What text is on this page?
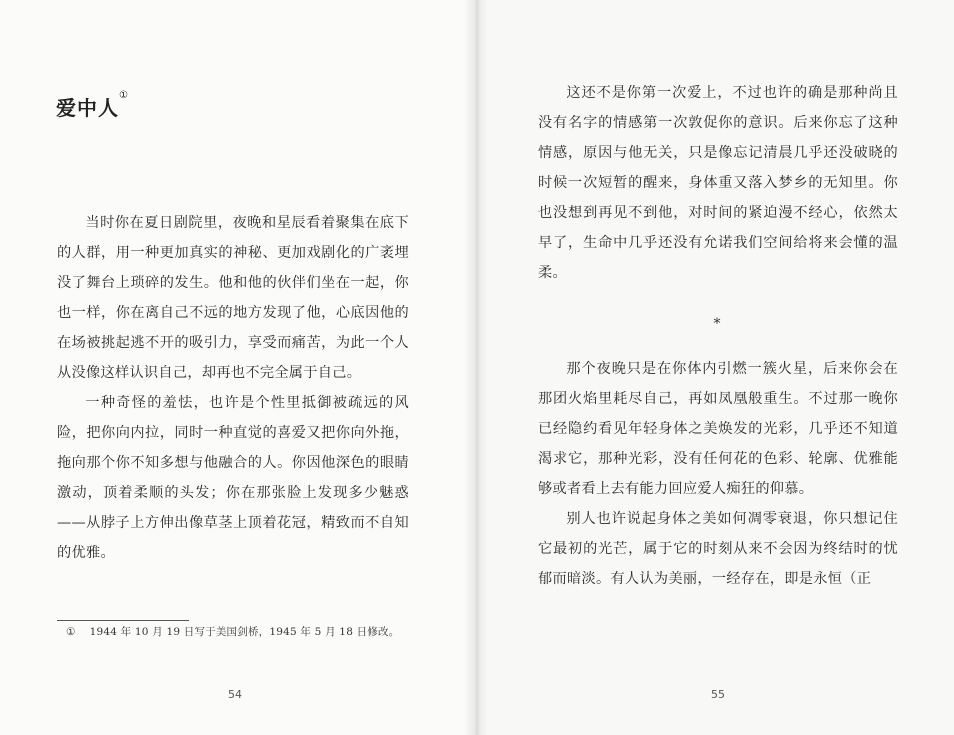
爱中人①

当时你在夏日剧院里，夜晚和星辰看着聚集在底下的人群，用一种更加真实的神秘、更加戏剧化的广袤埋没了舞台上琐碎的发生。他和他的伙伴们坐在一起，你也一样，你在离自己不远的地方发现了他，心底因他的在场被挑起逃不开的吸引力，享受而痛苦，为此一个人从没像这样认识自己，却再也不完全属于自己。

一种奇怪的羞怯，也许是个性里抵御被疏远的风险，把你向内拉，同时一种直觉的喜爱又把你向外拖，拖向那个你不知多想与他融合的人。你因他深色的眼睛激动，顶着柔顺的头发；你在那张脸上发现多少魅惑——从脖子上方伸出像草茎上顶着花冠，精致而不自知的优雅。

① 1944 年 10 月 19 日写于美国剑桥，1945 年 5 月 18 日修改。
54

这还不是你第一次爱上，不过也许的确是那种尚且没有名字的情感第一次敦促你的意识。后来你忘了这种情感，原因与他无关，只是像忘记清晨几乎还没破晓的时候一次短暂的醒来，身体重又落入梦乡的无知里。你也没想到再见不到他，对时间的紧迫漫不经心，依然太早了，生命中几乎还没有允诺我们空间给将来会懂的温柔。

*

那个夜晚只是在你体内引燃一簇火星，后来你会在那团火焰里耗尽自己，再如凤凰般重生。不过那一晚你已经隐约看见年轻身体之美焕发的光彩，几乎还不知道渴求它，那种光彩，没有任何花的色彩、轮廓、优雅能够或者看上去有能力回应爱人痴狂的仰慕。

别人也许说起身体之美如何凋零衰退，你只想记住它最初的光芒，属于它的时刻从来不会因为终结时的忧郁而暗淡。有人认为美丽，一经存在，即是永恒（正

55
